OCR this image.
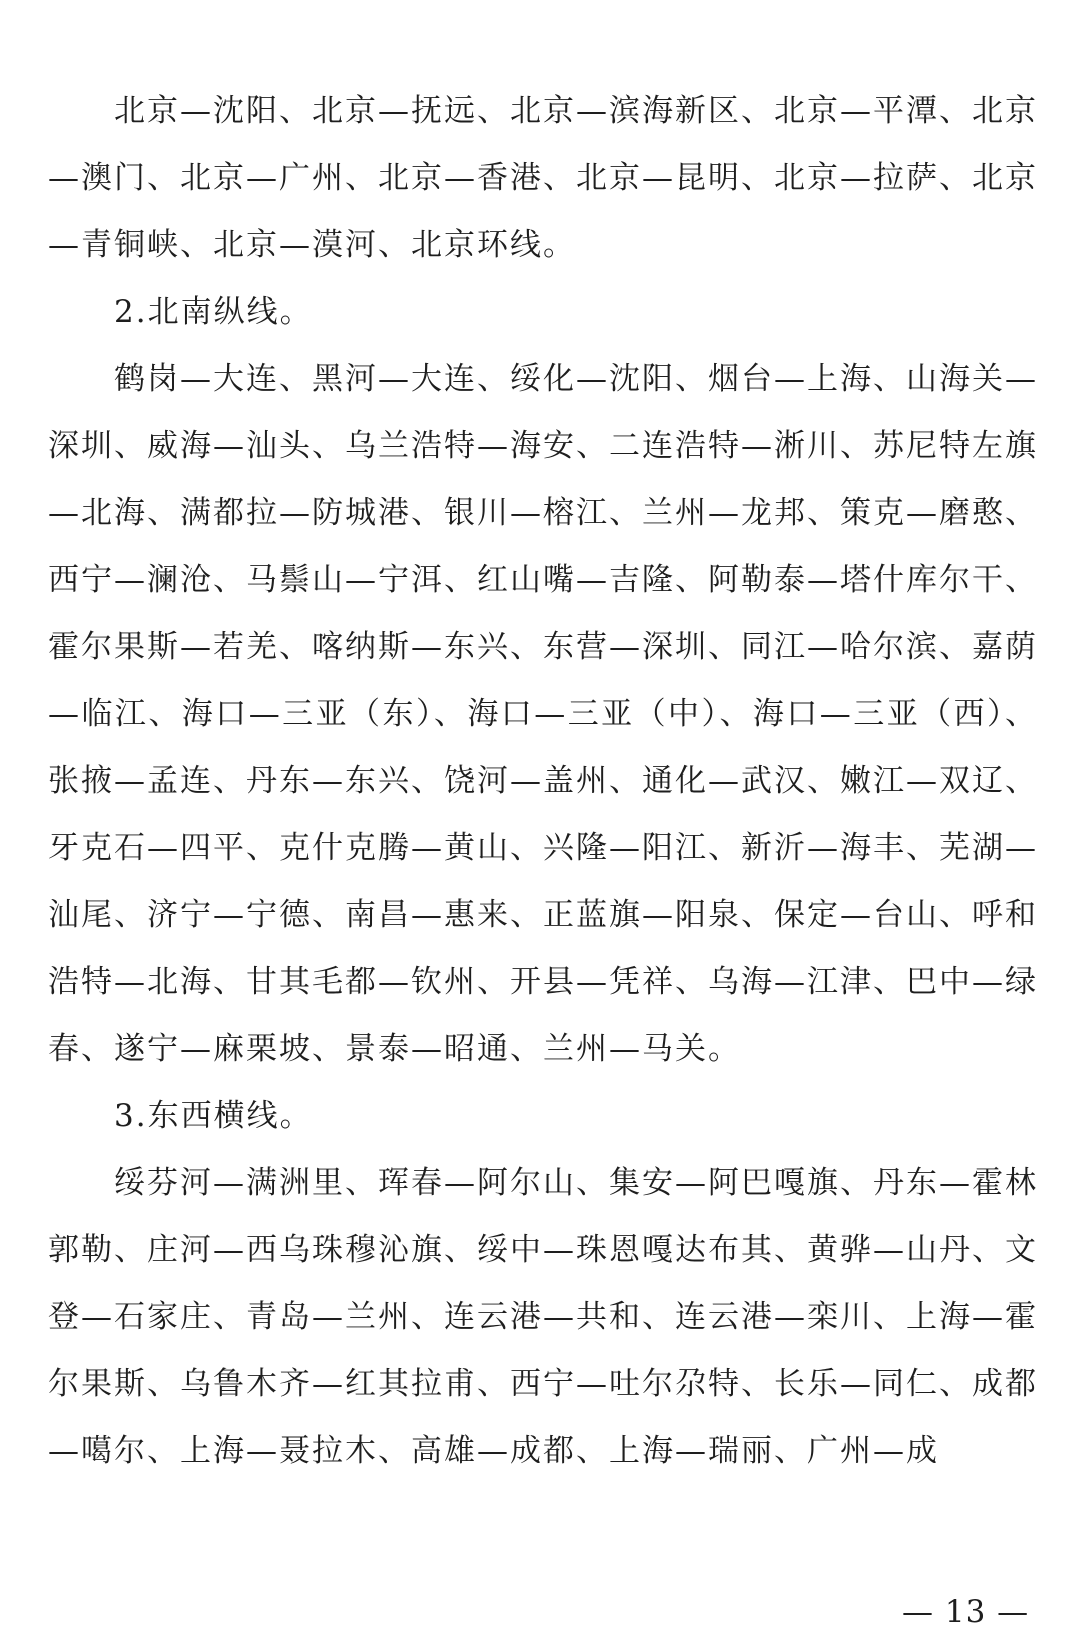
北京—沈阳、北京—抚远、北京—滨海新区、北京—平潭、北京—澳门、北京—广州、北京—香港、北京—昆明、北京—拉萨、北京—青铜峡、北京—漠河、北京环线。

2.北南纵线。

鹤岗—大连、黑河—大连、绥化—沈阳、烟台—上海、山海关—深圳、威海—汕头、乌兰浩特—海安、二连浩特—淅川、苏尼特左旗—北海、满都拉—防城港、银川—榕江、兰州—龙邦、策克—磨憨、西宁—澜沧、马鬃山—宁洱、红山嘴—吉隆、阿勒泰—塔什库尔干、霍尔果斯—若羌、喀纳斯—东兴、东营—深圳、同江—哈尔滨、嘉荫—临江、海口—三亚（东）、海口—三亚（中）、海口—三亚（西）、张掖—孟连、丹东—东兴、饶河—盖州、通化—武汉、嫩江—双辽、牙克石—四平、克什克腾—黄山、兴隆—阳江、新沂—海丰、芜湖—汕尾、济宁—宁德、南昌—惠来、正蓝旗—阳泉、保定—台山、呼和浩特—北海、甘其毛都—钦州、开县—凭祥、乌海—江津、巴中—绿春、遂宁—麻栗坡、景泰—昭通、兰州—马关。

3.东西横线。

绥芬河—满洲里、珲春—阿尔山、集安—阿巴嘎旗、丹东—霍林郭勒、庄河—西乌珠穆沁旗、绥中—珠恩嘎达布其、黄骅—山丹、文登—石家庄、青岛—兰州、连云港—共和、连云港—栾川、上海—霍尔果斯、乌鲁木齐—红其拉甫、西宁—吐尔尕特、长乐—同仁、成都—噶尔、上海—聂拉木、高雄—成都、上海—瑞丽、广州—成

— 13 —
